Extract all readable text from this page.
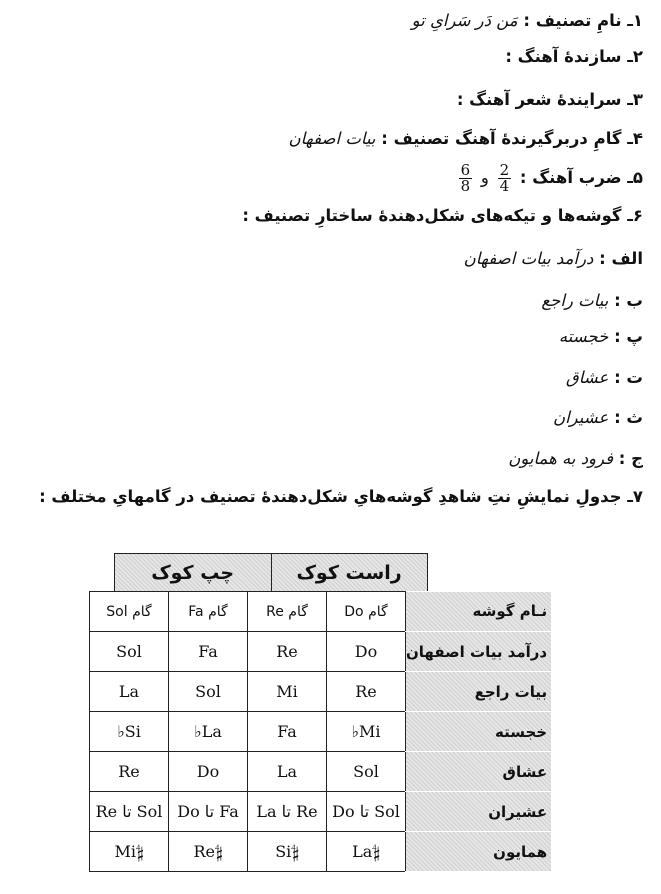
۱ـ نامِ تصنیف : مَن دَر سَرایِ تو
۲ـ سازندهٔ آهنگ :
۳ـ سرایندهٔ شعر آهنگ :
۴ـ گامِ دربرگیرندهٔ آهنگ تصنیف : بیات اصفهان
۵ـ ضرب آهنگ :
$\frac{2}{4}$
و
$\frac{6}{8}$
۶ـ گوشه‌ها و تیکه‌های شکل‌دهندهٔ ساختارِ تصنیف :
الف : درآمد بیات اصفهان
ب : بیات راجع
پ : خجسته
ت : عشاق
ث : عشیران
ج : فرود به همایون
۷ـ جدولِ نمایشِ نتِ شاهدِ گوشه‌هایِ شکل‌دهندهٔ تصنیف در گامهایِ مختلف :
راست کوک
چپ کوک
نـام گوشه	گام Do	گام Re	گام Fa	گام Sol
درآمد بیات اصفهان	Do	Re	Fa	Sol
بیات راجع	Re	Mi	Sol	La
خجسته	Mi♭	Fa	La♭	Si♭
عشاق	Sol	La	Do	Re
عشیران	Sol تا Do	Re تا La	Fa تا Do	Sol تا Re
همایون	La𝄲	Si𝄲	Re𝄲	Mi𝄲
